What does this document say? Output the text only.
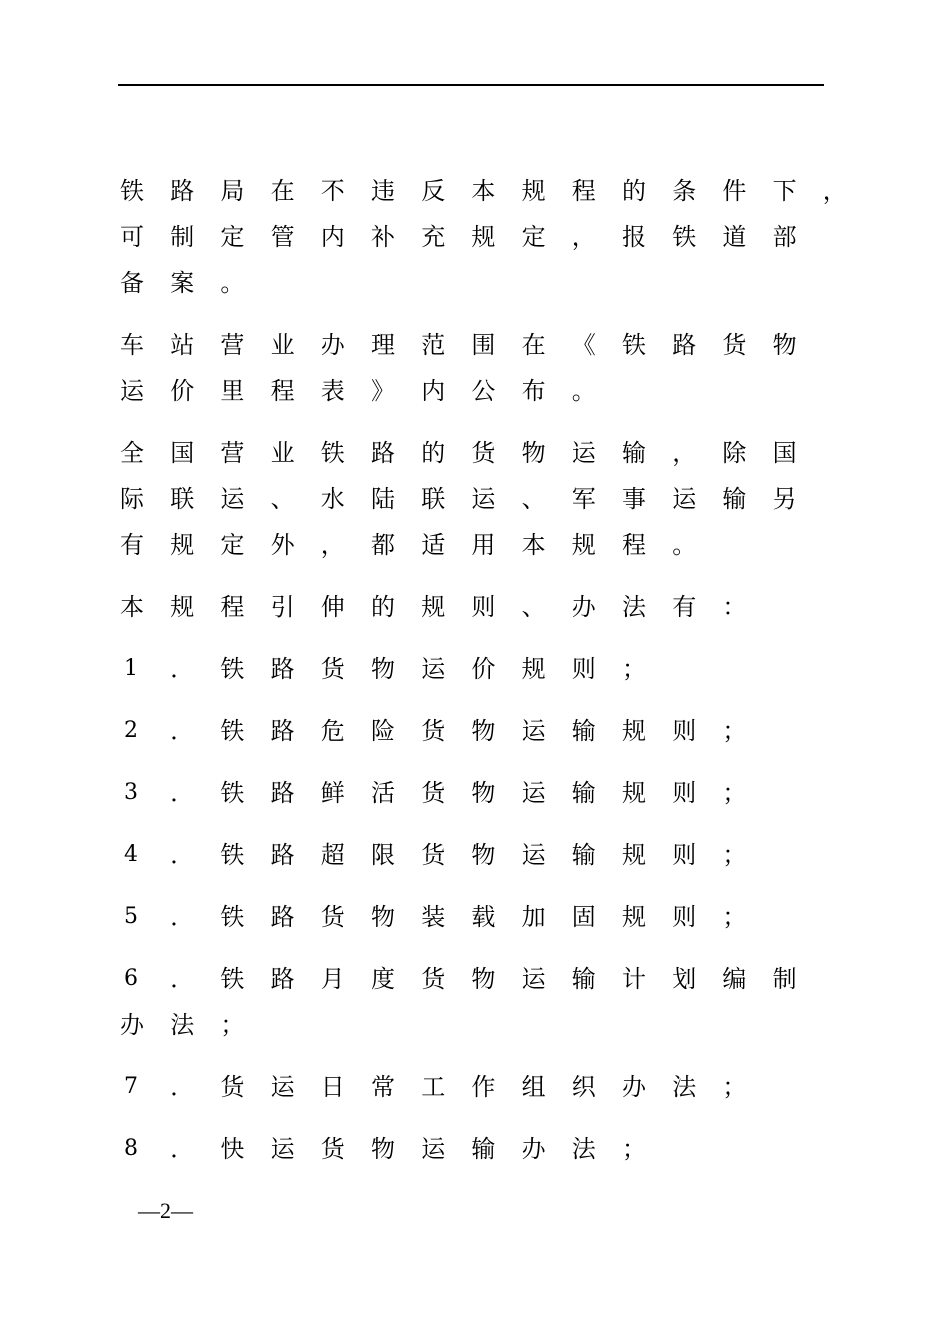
铁	路	局	在	不	违	反	本	规	程	的	条	件	下	，
可	制	定	管	内	补	充	规	定	，	报	铁	道	部
备	案	。
车	站	营	业	办	理	范	围	在	《	铁	路	货	物
运	价	里	程	表	》	内	公	布	。
全	国	营	业	铁	路	的	货	物	运	输	，	除	国
际	联	运	、	水	陆	联	运	、	军	事	运	输	另
有	规	定	外	，	都	适	用	本	规	程	。
本	规	程	引	伸	的	规	则	、	办	法	有	：
1	．	铁	路	货	物	运	价	规	则	；
2	．	铁	路	危	险	货	物	运	输	规	则	；
3	．	铁	路	鲜	活	货	物	运	输	规	则	；
4	．	铁	路	超	限	货	物	运	输	规	则	；
5	．	铁	路	货	物	装	载	加	固	规	则	；
6	．	铁	路	月	度	货	物	运	输	计	划	编	制
办	法	；
7	．	货	运	日	常	工	作	组	织	办	法	；
8	．	快	运	货	物	运	输	办	法	；
—2—
